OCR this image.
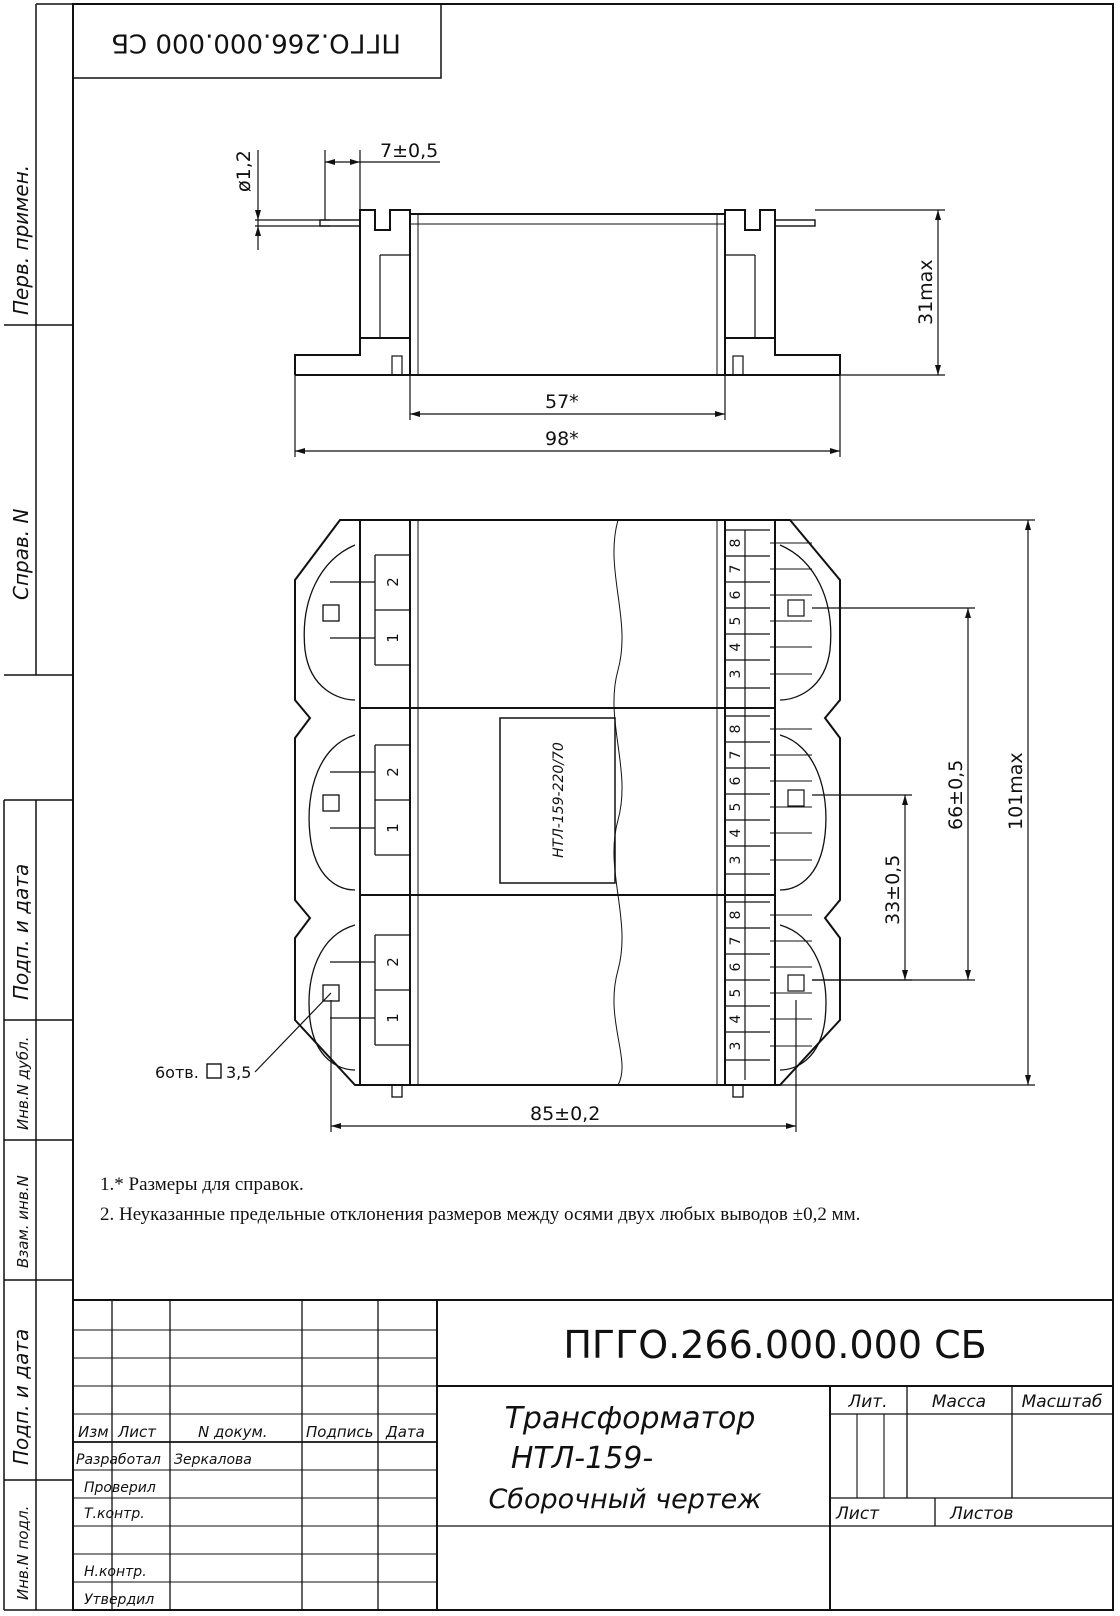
Перв. примен.
Справ. N
Подп. и дата
Инв.N дубл.
Взам. инв.N
Подп. и дата
Инв.N подл.
ПГГО.266.000.000 СБ
ø1,2	7±0,5
31max
57*
98*
2
1
2
1
2
1
8
7
6
5
4
3
8
7
6
5
4
3
8
7
6
5
4
3
НТЛ-159-220/70	101max
66±0,5
33±0,5
85±0,2
6отв. 3,5
ПГГО.266.000.000 СБ
Трансформатор
НТЛ-159-
Сборочный чертеж
Изм Лист	N докум.	Подпись Дата
Разработал Зеркалова
Проверил
Т.контр.
Н.контр.
Утвердил
Лит.	Масса Масштаб
Лист	Листов
1.* Размеры для справок.
2. Неуказанные предельные отклонения размеров между осями двух любых выводов ±0,2 мм.
